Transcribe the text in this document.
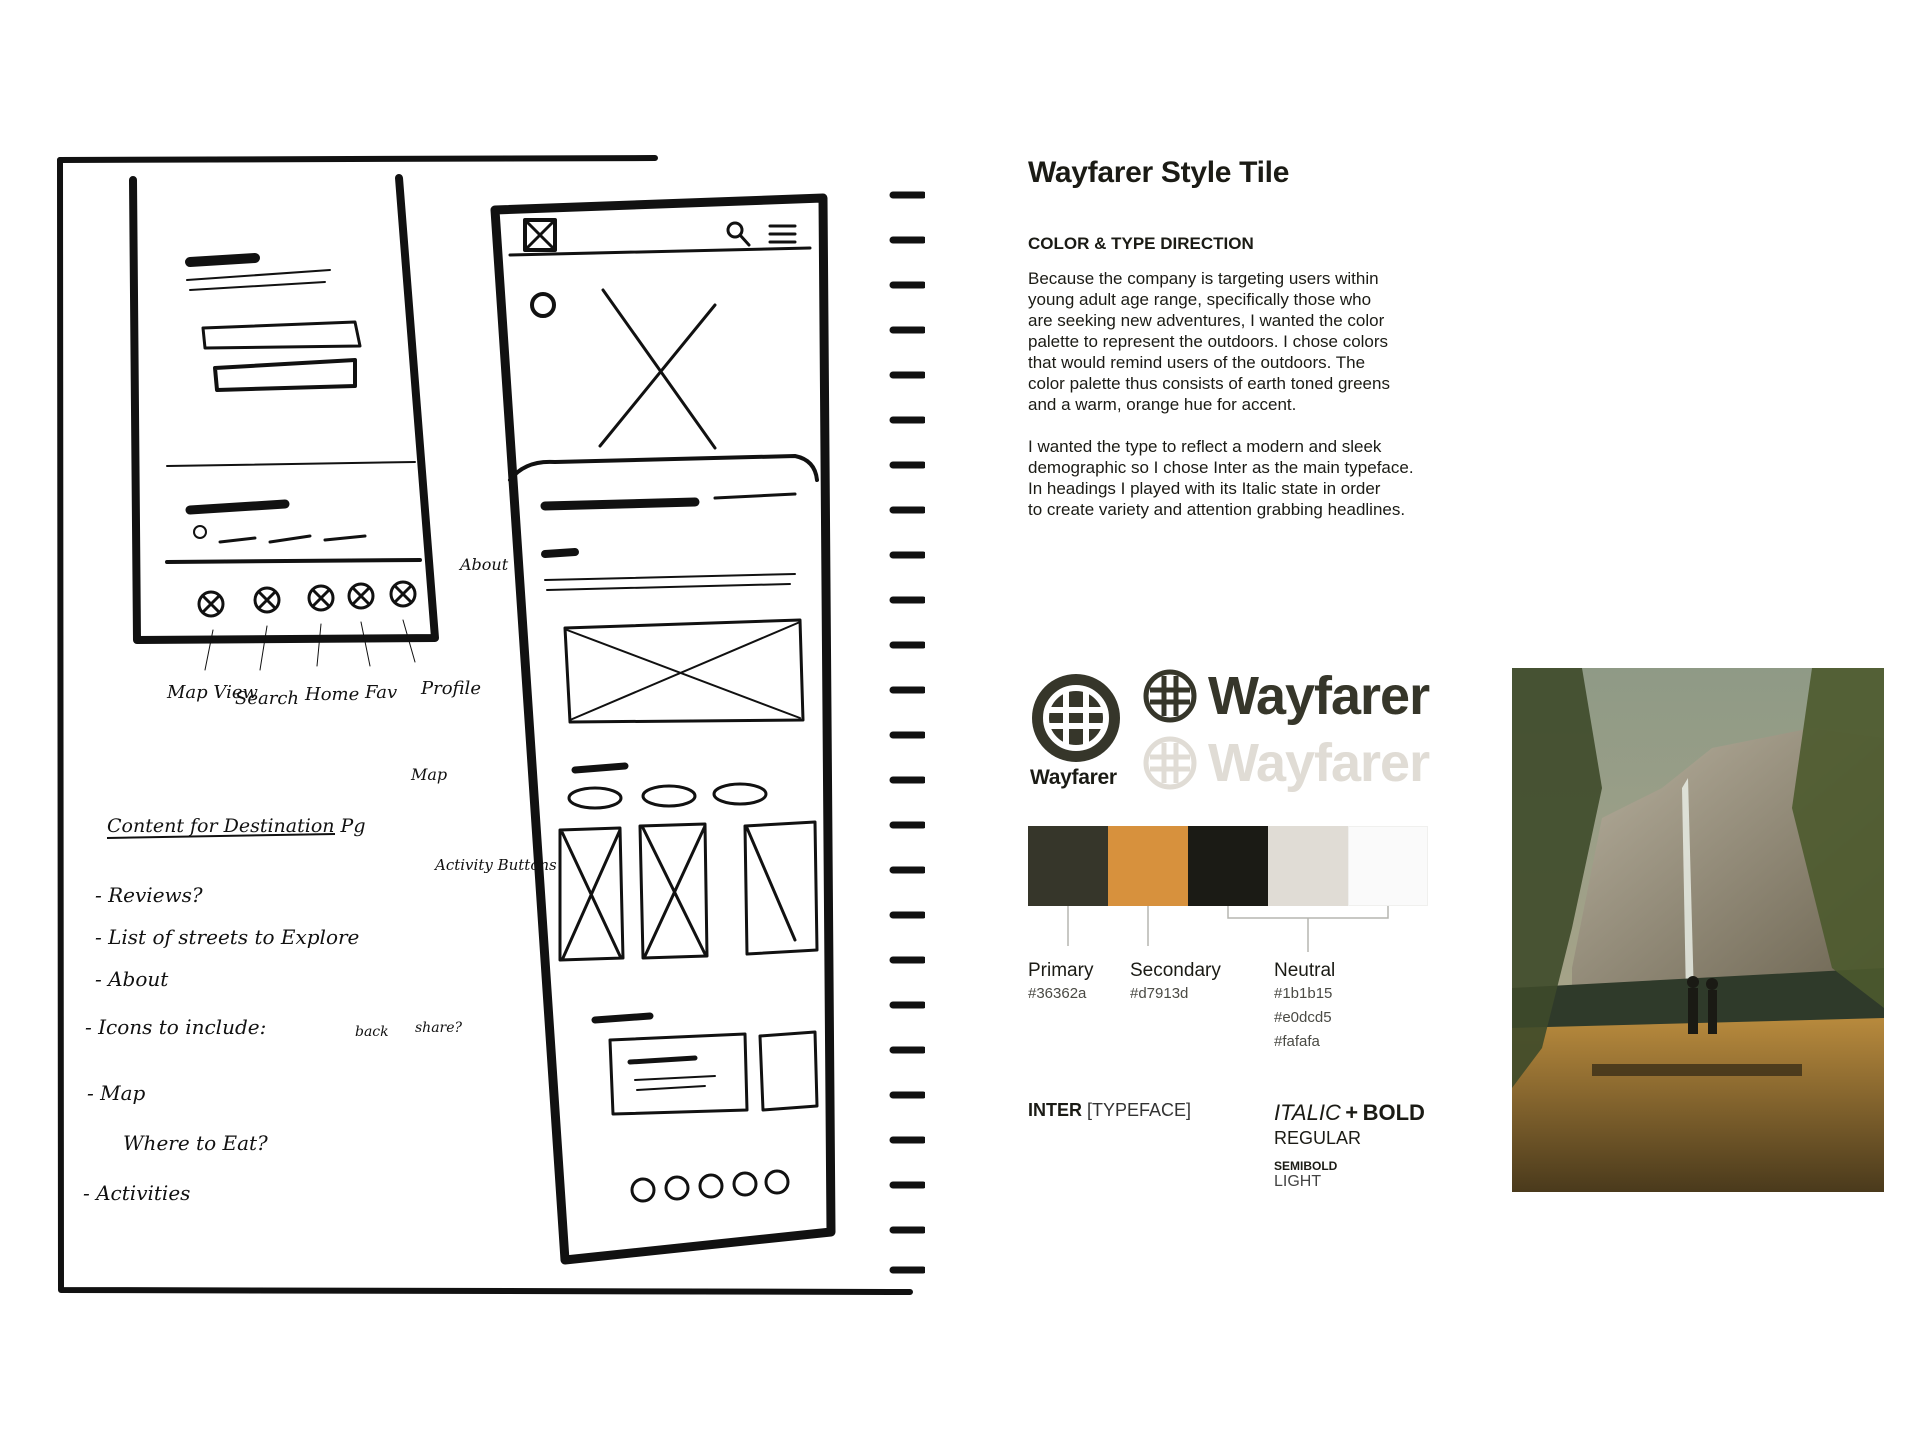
Map View
Search Home Fav Profile
About
Map
Activity Buttons
Content for Destination Pg
- Reviews?
- List of streets to Explore
- About
- Icons to include:	back share?
- Map
Where to Eat?
- Activities
Wayfarer Style Tile
COLOR & TYPE DIRECTION
Because the company is targeting users within
young adult age range, specifically those who
are seeking new adventures, I wanted the color
palette to represent the outdoors. I chose colors
that would remind users of the outdoors. The
color palette thus consists of earth toned greens
and a warm, orange hue for accent.
I wanted the type to reflect a modern and sleek
demographic so I chose Inter as the main typeface.
In headings I played with its Italic state in order
to create variety and attention grabbing headlines.
Wayfarer
Wayfarer
Wayfarer
Primary
#36362a
Secondary
#d7913d
Neutral
#1b1b15
#e0dcd5
#fafafa
INTER [TYPEFACE]	ITALIC + BOLD
REGULAR
SEMIBOLD
LIGHT
